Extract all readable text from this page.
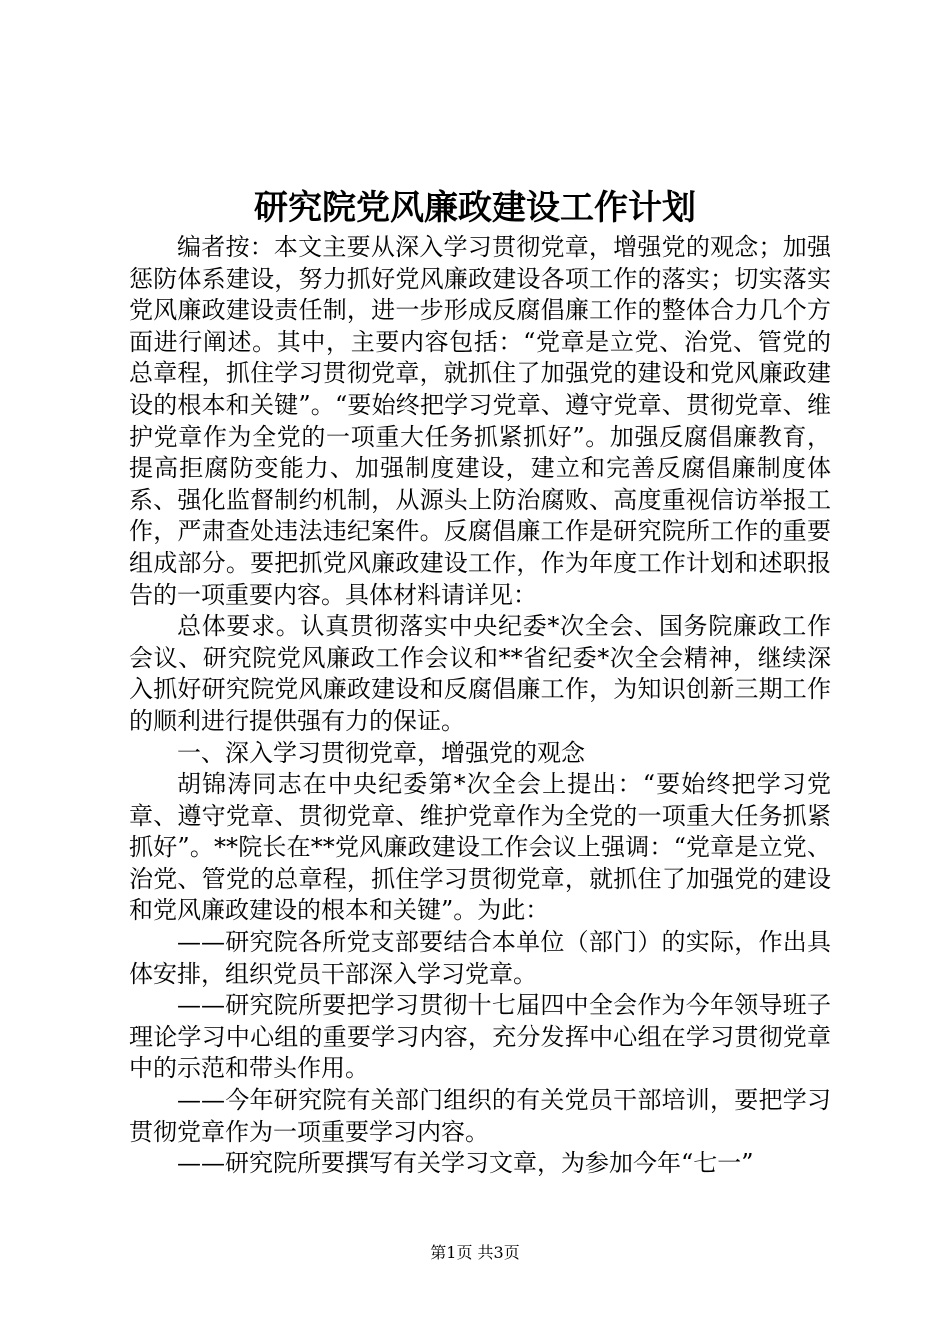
研究院党风廉政建设工作计划

编者按：本文主要从深入学习贯彻党章，增强党的观念；加强惩防体系建设，努力抓好党风廉政建设各项工作的落实；切实落实党风廉政建设责任制，进一步形成反腐倡廉工作的整体合力几个方面进行阐述。其中，主要内容包括：“党章是立党、治党、管党的总章程，抓住学习贯彻党章，就抓住了加强党的建设和党风廉政建设的根本和关键”。“要始终把学习党章、遵守党章、贯彻党章、维护党章作为全党的一项重大任务抓紧抓好”。加强反腐倡廉教育，提高拒腐防变能力、加强制度建设，建立和完善反腐倡廉制度体系、强化监督制约机制，从源头上防治腐败、高度重视信访举报工作，严肃查处违法违纪案件。反腐倡廉工作是研究院所工作的重要组成部分。要把抓党风廉政建设工作，作为年度工作计划和述职报告的一项重要内容。具体材料请详见：

总体要求。认真贯彻落实中央纪委*次全会、国务院廉政工作会议、研究院党风廉政工作会议和**省纪委*次全会精神，继续深入抓好研究院党风廉政建设和反腐倡廉工作，为知识创新三期工作的顺利进行提供强有力的保证。

一、深入学习贯彻党章，增强党的观念

胡锦涛同志在中央纪委第*次全会上提出：“要始终把学习党章、遵守党章、贯彻党章、维护党章作为全党的一项重大任务抓紧抓好”。**院长在**党风廉政建设工作会议上强调：“党章是立党、治党、管党的总章程，抓住学习贯彻党章，就抓住了加强党的建设和党风廉政建设的根本和关键”。为此：

——研究院各所党支部要结合本单位（部门）的实际，作出具体安排，组织党员干部深入学习党章。

——研究院所要把学习贯彻十七届四中全会作为今年领导班子理论学习中心组的重要学习内容，充分发挥中心组在学习贯彻党章中的示范和带头作用。

——今年研究院有关部门组织的有关党员干部培训，要把学习贯彻党章作为一项重要学习内容。

——研究院所要撰写有关学习文章，为参加今年“七一”

第1页 共3页
